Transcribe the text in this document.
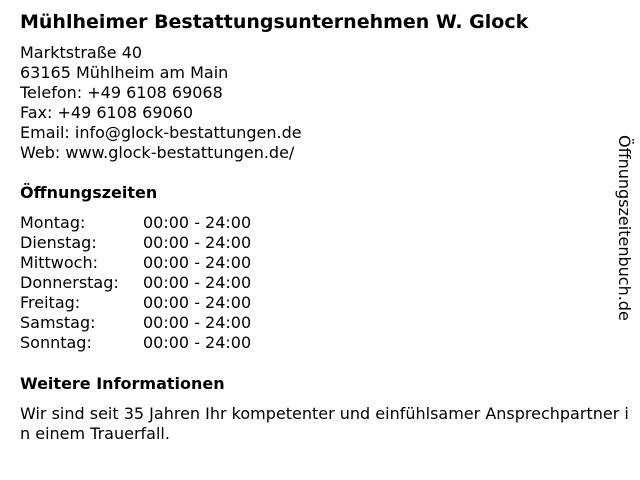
Mühlheimer Bestattungsunternehmen W. Glock
Marktstraße 40
63165 Mühlheim am Main
Telefon: +49 6108 69068
Fax: +49 6108 69060
Email: info@glock-bestattungen.de
Web: www.glock-bestattungen.de/
Öffnungszeiten
Montag:	00:00 - 24:00
Dienstag:	00:00 - 24:00
Mittwoch:	00:00 - 24:00
Donnerstag:	00:00 - 24:00
Freitag:	00:00 - 24:00
Samstag:	00:00 - 24:00
Sonntag:	00:00 - 24:00
Weitere Informationen
Wir sind seit 35 Jahren Ihr kompetenter und einfühlsamer Ansprechpartner in einem Trauerfall.
Öffnungszeitenbuch.de
